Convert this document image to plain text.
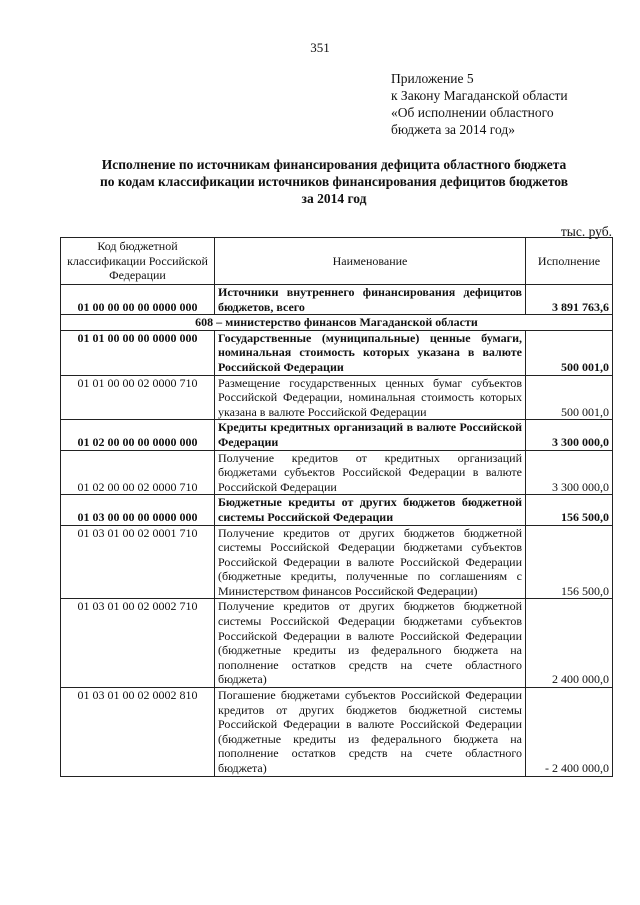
351
Приложение 5
к Закону Магаданской области
«Об исполнении областного
бюджета за 2014 год»
Исполнение по источникам финансирования дефицита областного бюджета
по кодам классификации источников финансирования дефицитов бюджетов
за 2014 год
тыс. руб.
Код бюджетной классификации Российской Федерации	Наименование	Исполнение
01 00 00 00 00 0000 000	Источники внутреннего финансирования дефицитов бюджетов, всего	3 891 763,6
608 – министерство финансов Магаданской области		
01 01 00 00 00 0000 000	Государственные (муниципальные) ценные бумаги, номинальная стоимость которых указана в валюте Российской Федерации	500 001,0
01 01 00 00 02 0000 710	Размещение государственных ценных бумаг субъектов Российской Федерации, номинальная стоимость которых указана в валюте Российской Федерации	500 001,0
01 02 00 00 00 0000 000	Кредиты кредитных организаций в валюте Российской Федерации	3 300 000,0
01 02 00 00 02 0000 710	Получение кредитов от кредитных организаций бюджетами субъектов Российской Федерации в валюте Российской Федерации	3 300 000,0
01 03 00 00 00 0000 000	Бюджетные кредиты от других бюджетов бюджетной системы Российской Федерации	156 500,0
01 03 01 00 02 0001 710	Получение кредитов от других бюджетов бюджетной системы Российской Федерации бюджетами субъектов Российской Федерации в валюте Российской Федерации (бюджетные кредиты, полученные по соглашениям с Министерством финансов Российской Федерации)	156 500,0
01 03 01 00 02 0002 710	Получение кредитов от других бюджетов бюджетной системы Российской Федерации бюджетами субъектов Российской Федерации в валюте Российской Федерации (бюджетные кредиты из федерального бюджета на пополнение остатков средств на счете областного бюджета)	2 400 000,0
01 03 01 00 02 0002 810	Погашение бюджетами субъектов Российской Федерации кредитов от других бюджетов бюджетной системы Российской Федерации в валюте Российской Федерации (бюджетные кредиты из федерального бюджета на пополнение остатков средств на счете областного бюджета)	- 2 400 000,0
